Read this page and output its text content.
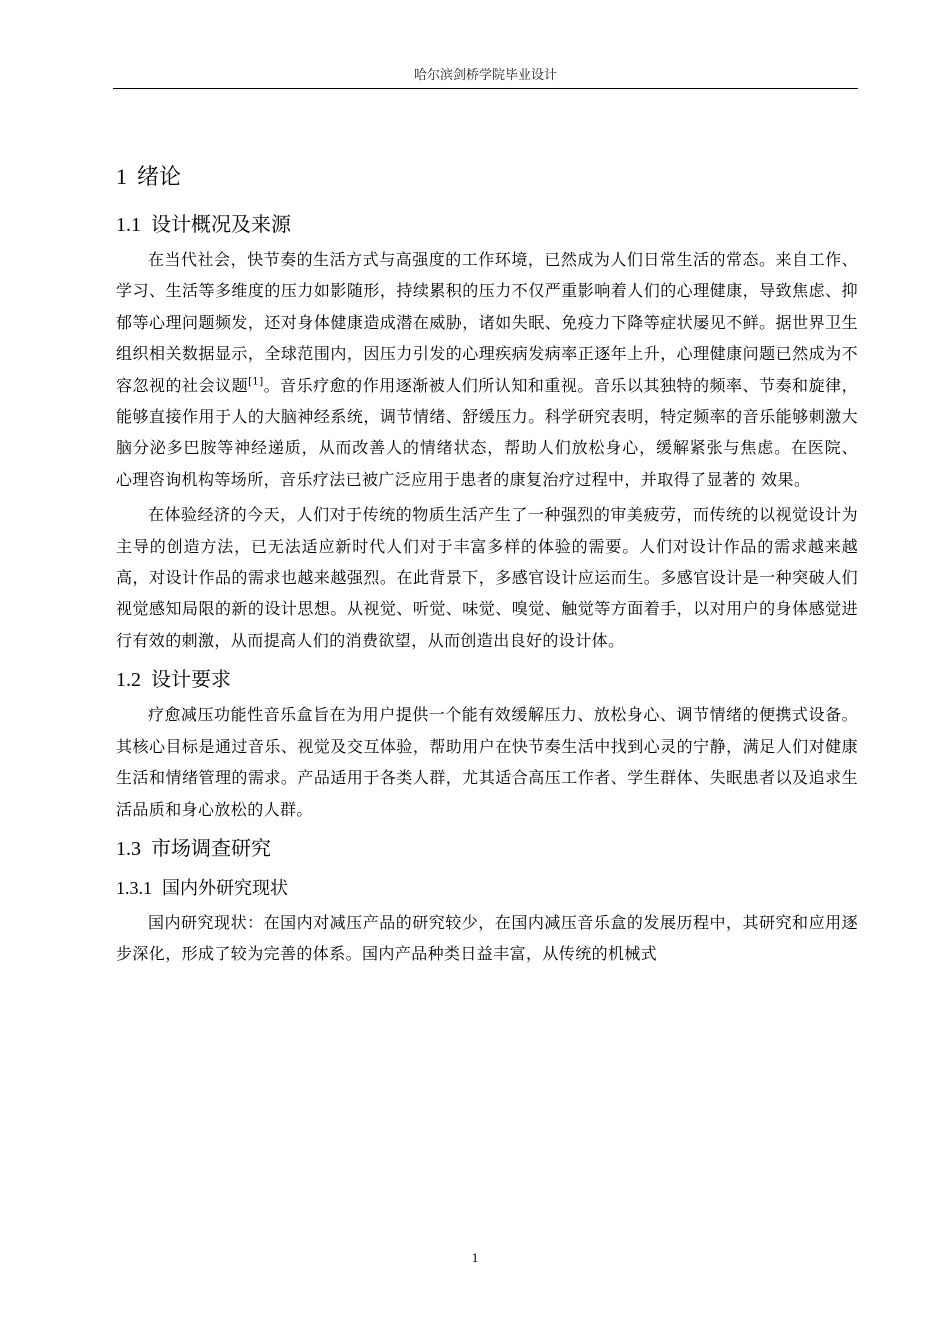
哈尔滨剑桥学院毕业设计
1 绪论
1.1 设计概况及来源

在当代社会，快节奏的生活方式与高强度的工作环境，已然成为人们日常生活的常态。来自工作、学习、生活等多维度的压力如影随形，持续累积的压力不仅严重影响着人们的心理健康，导致焦虑、抑郁等心理问题频发，还对身体健康造成潜在威胁，诸如失眠、免疫力下降等症状屡见不鲜。据世界卫生组织相关数据显示，全球范围内，因压力引发的心理疾病发病率正逐年上升，心理健康问题已然成为不容忽视的社会议题[1]。音乐疗愈的作用逐渐被人们所认知和重视。音乐以其独特的频率、节奏和旋律，能够直接作用于人的大脑神经系统，调节情绪、舒缓压力。科学研究表明，特定频率的音乐能够刺激大脑分泌多巴胺等神经递质，从而改善人的情绪状态，帮助人们放松身心，缓解紧张与焦虑。在医院、 心理咨询机构等场所，音乐疗法已被广泛应用于患者的康复治疗过程中，并取得了显著的 效果。

在体验经济的今天，人们对于传统的物质生活产生了一种强烈的审美疲劳，而传统的以视觉设计为主导的创造方法，已无法适应新时代人们对于丰富多样的体验的需要。人们对设计作品的需求越来越高，对设计作品的需求也越来越强烈。在此背景下，多感官设计应运而生。多感官设计是一种突破人们视觉感知局限的新的设计思想。从视觉、听觉、味觉、嗅觉、触觉等方面着手，以对用户的身体感觉进行有效的刺激，从而提高人们的消费欲望，从而创造出良好的设计体。

1.2 设计要求

疗愈减压功能性音乐盒旨在为用户提供一个能有效缓解压力、放松身心、调节情绪的便携式设备。其核心目标是通过音乐、视觉及交互体验，帮助用户在快节奏生活中找到心灵的宁静，满足人们对健康生活和情绪管理的需求。产品适用于各类人群，尤其适合高压工作者、学生群体、失眠患者以及追求生活品质和身心放松的人群。

1.3 市场调查研究
1.3.1 国内外研究现状

国内研究现状：在国内对减压产品的研究较少，在国内减压音乐盒的发展历程中，其研究和应用逐步深化，形成了较为完善的体系。国内产品种类日益丰富，从传统的机械式

1
